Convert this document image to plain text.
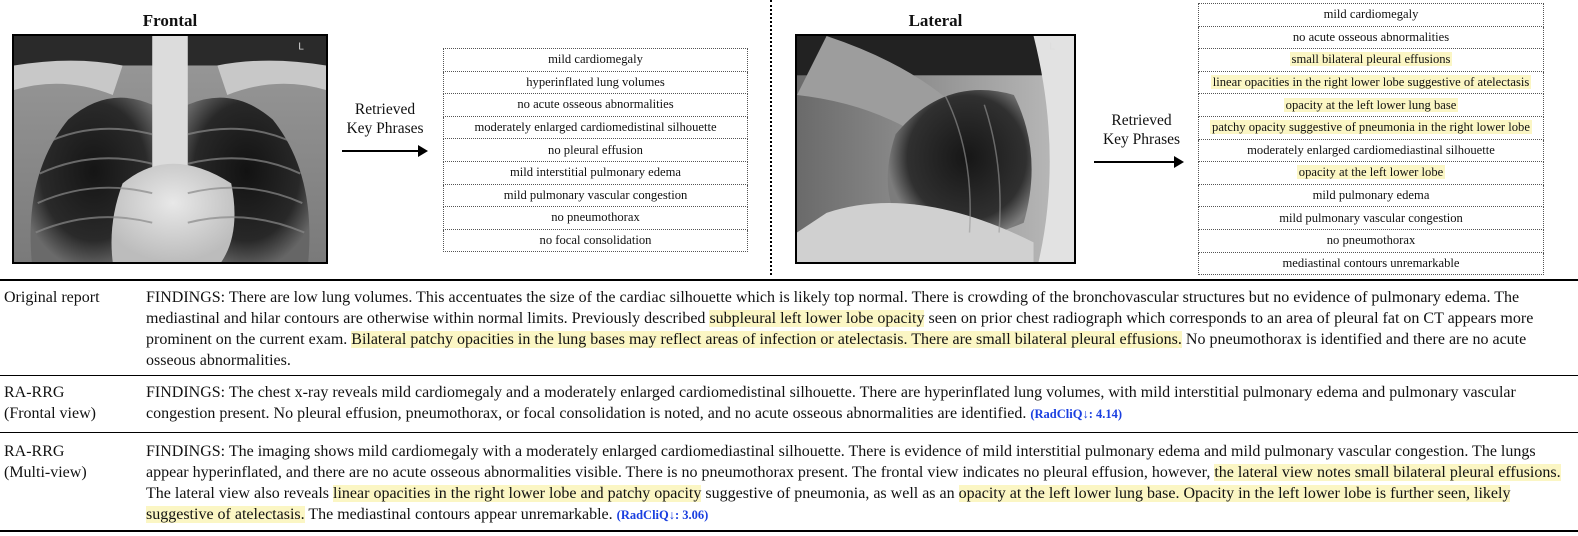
Frontal
L
Retrieved
Key Phrases
mild cardiomegaly
hyperinflated lung volumes
no acute osseous abnormalities
moderately enlarged cardiomedistinal silhouette
no pleural effusion
mild interstitial pulmonary edema
mild pulmonary vascular congestion
no pneumothorax
no focal consolidation
Lateral
L
Retrieved
Key Phrases
mild cardiomegaly
no acute osseous abnormalities
small bilateral pleural effusions
linear opacities in the right lower lobe suggestive of atelectasis
opacity at the left lower lung base
patchy opacity suggestive of pneumonia in the right lower lobe
moderately enlarged cardiomediastinal silhouette
opacity at the left lower lobe
mild pulmonary edema
mild pulmonary vascular congestion
no pneumothorax
mediastinal contours unremarkable
Original report	FINDINGS: There are low lung volumes. This accentuates the size of the cardiac silhouette which is likely top normal. There is crowding of the bronchovascular structures but no evidence of pulmonary edema. The mediastinal and hilar contours are otherwise within normal limits. Previously described subpleural left lower lobe opacity seen on prior chest radiograph which corresponds to an area of pleural fat on CT appears more prominent on the current exam. Bilateral patchy opacities in the lung bases may reflect areas of infection or atelectasis. There are small bilateral pleural effusions. No pneumothorax is identified and there are no acute osseous abnormalities.
RA-RRG
(Frontal view)
FINDINGS: The chest x-ray reveals mild cardiomegaly and a moderately enlarged cardiomedistinal silhouette. There are hyperinflated lung volumes, with mild interstitial pulmonary edema and pulmonary vascular congestion present. No pleural effusion, pneumothorax, or focal consolidation is noted, and no acute osseous abnormalities are identified. (RadCliQ↓: 4.14)
RA-RRG
(Multi-view)
FINDINGS: The imaging shows mild cardiomegaly with a moderately enlarged cardiomediastinal silhouette. There is evidence of mild interstitial pulmonary edema and mild pulmonary vascular congestion. The lungs appear hyperinflated, and there are no acute osseous abnormalities visible. There is no pneumothorax present. The frontal view indicates no pleural effusion, however, the lateral view notes small bilateral pleural effusions. The lateral view also reveals linear opacities in the right lower lobe and patchy opacity suggestive of pneumonia, as well as an opacity at the left lower lung base. Opacity in the left lower lobe is further seen, likely suggestive of atelectasis. The mediastinal contours appear unremarkable. (RadCliQ↓: 3.06)
